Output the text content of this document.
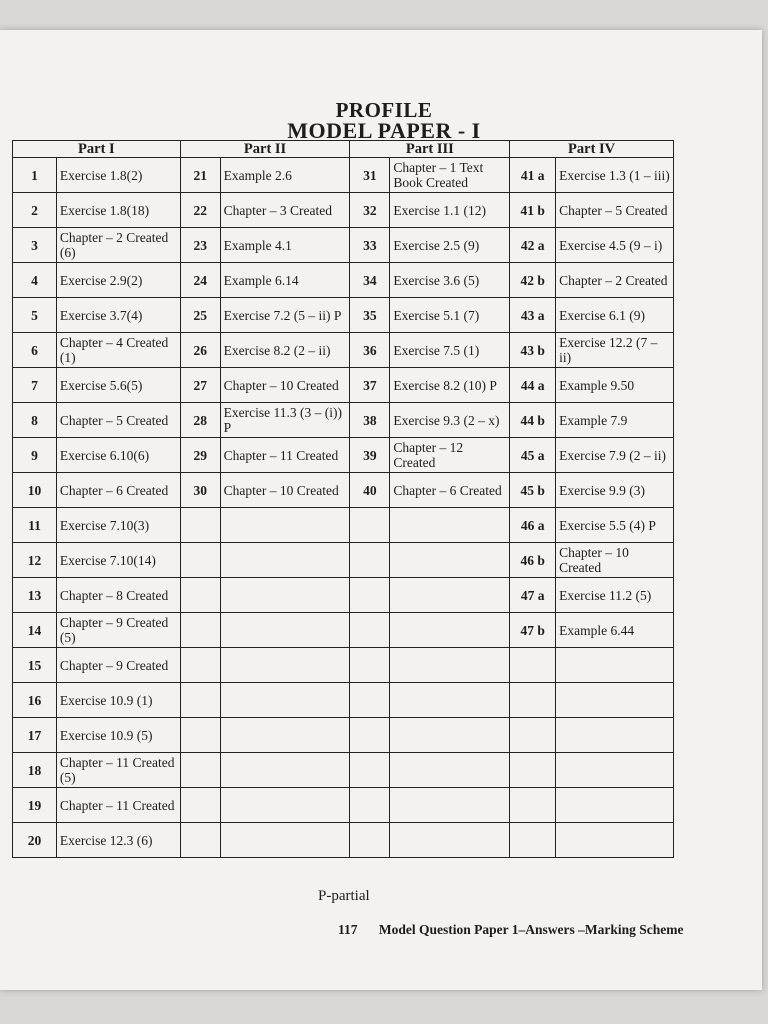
PROFILE
MODEL PAPER - I
Part I		Part II		Part III		Part IV	
1	Exercise 1.8(2)	21	Example 2.6	31	Chapter – 1 Text Book Created	41 a	Exercise 1.3 (1 – iii)
2	Exercise 1.8(18)	22	Chapter – 3 Created	32	Exercise 1.1 (12)	41 b	Chapter – 5 Created
3	Chapter – 2 Created (6)	23	Example 4.1	33	Exercise 2.5 (9)	42 a	Exercise 4.5 (9 – i)
4	Exercise 2.9(2)	24	Example 6.14	34	Exercise 3.6 (5)	42 b	Chapter – 2 Created
5	Exercise 3.7(4)	25	Exercise 7.2 (5 – ii) P	35	Exercise 5.1 (7)	43 a	Exercise 6.1 (9)
6	Chapter – 4 Created (1)	26	Exercise 8.2 (2 – ii)	36	Exercise 7.5 (1)	43 b	Exercise 12.2 (7 – ii)
7	Exercise 5.6(5)	27	Chapter – 10 Created	37	Exercise 8.2 (10) P	44 a	Example 9.50
8	Chapter – 5 Created	28	Exercise 11.3 (3 – (i)) P	38	Exercise 9.3 (2 – x)	44 b	Example 7.9
9	Exercise 6.10(6)	29	Chapter – 11 Created	39	Chapter – 12 Created	45 a	Exercise 7.9 (2 – ii)
10	Chapter – 6 Created	30	Chapter – 10 Created	40	Chapter – 6 Created	45 b	Exercise 9.9 (3)
11	Exercise 7.10(3)					46 a	Exercise 5.5 (4) P
12	Exercise 7.10(14)					46 b	Chapter – 10 Created
13	Chapter – 8 Created					47 a	Exercise 11.2 (5)
14	Chapter – 9 Created (5)					47 b	Example 6.44
15	Chapter – 9 Created						
16	Exercise 10.9 (1)						
17	Exercise 10.9 (5)						
18	Chapter – 11 Created (5)						
19	Chapter – 11 Created						
20	Exercise 12.3 (6)						
P-partial
117 Model Question Paper 1–Answers –Marking Scheme
